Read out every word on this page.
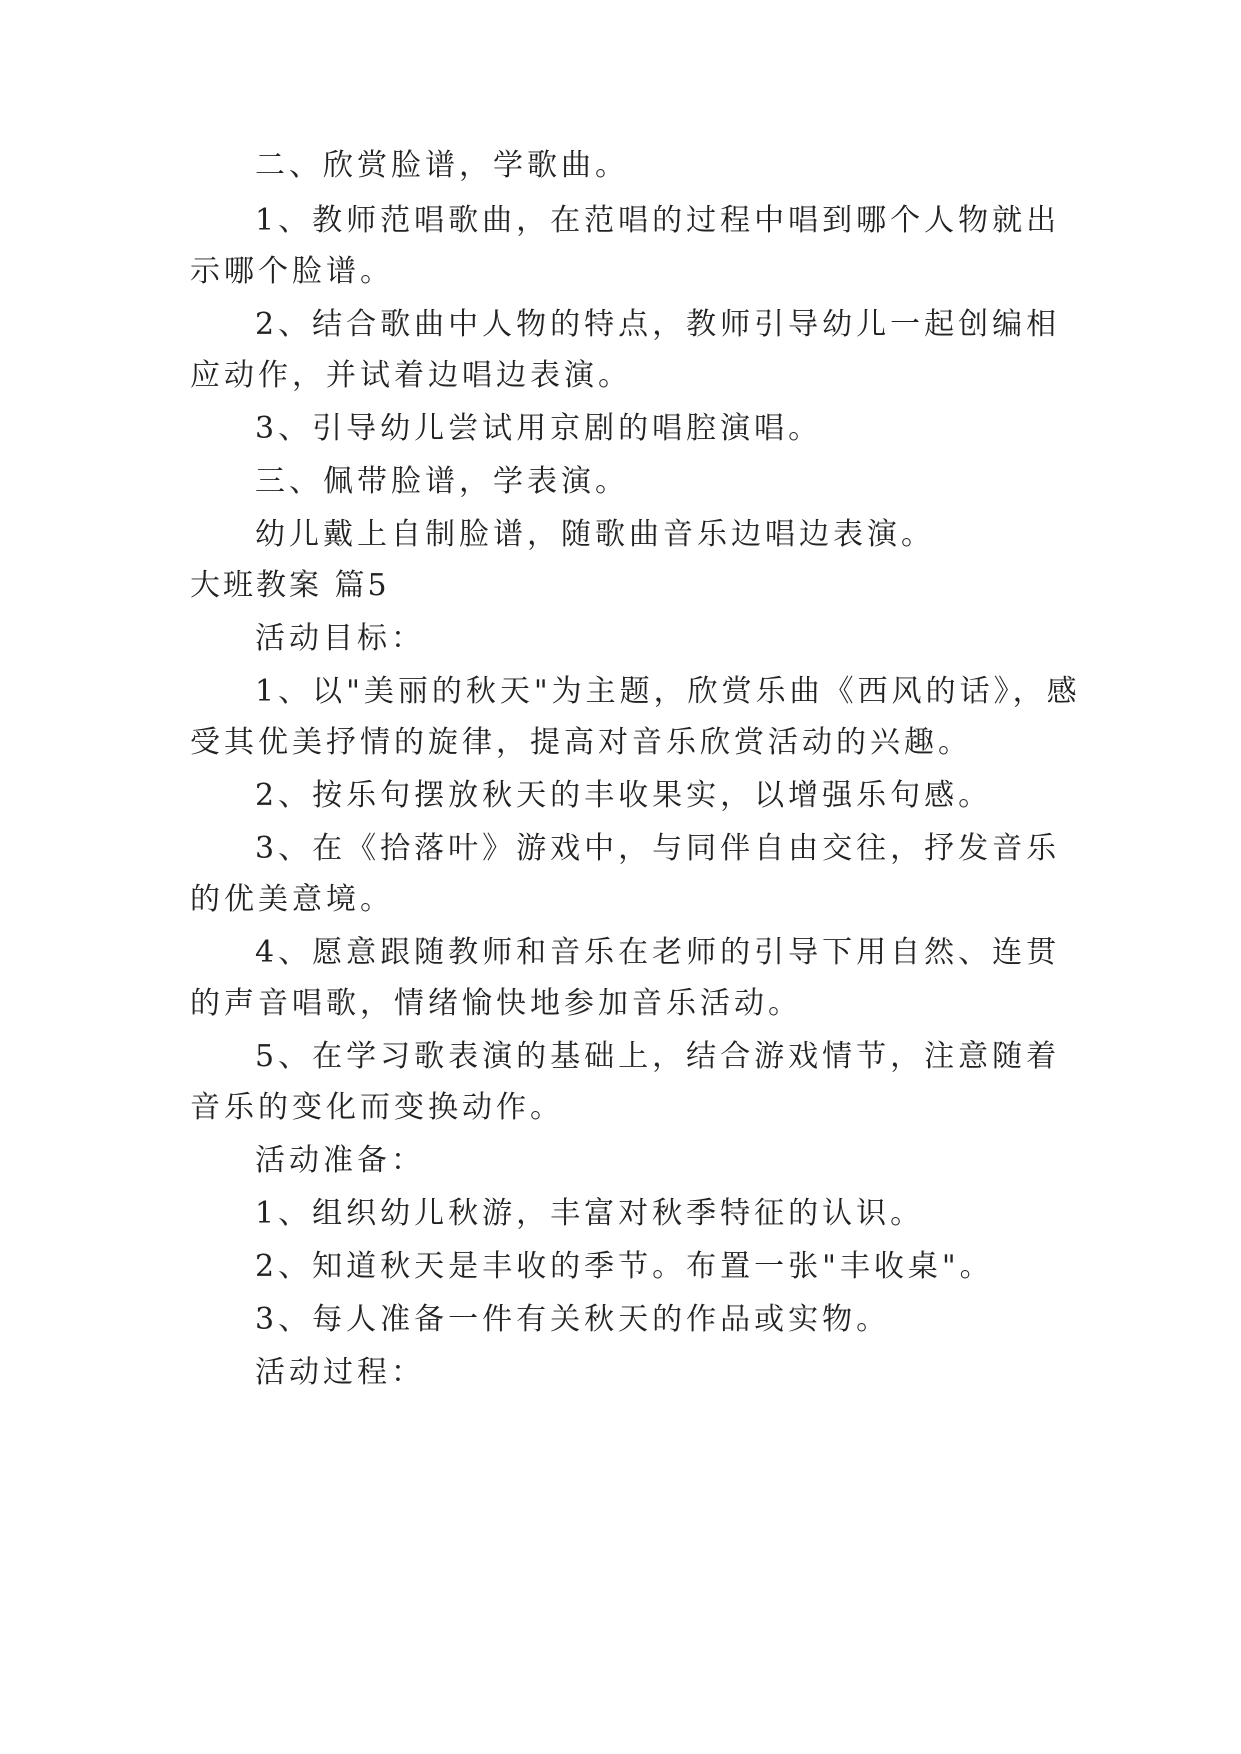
二、欣赏脸谱，学歌曲。
1、教师范唱歌曲，在范唱的过程中唱到哪个人物就出
示哪个脸谱。
2、结合歌曲中人物的特点，教师引导幼儿一起创编相
应动作，并试着边唱边表演。
3、引导幼儿尝试用京剧的唱腔演唱。
三、佩带脸谱，学表演。
幼儿戴上自制脸谱，随歌曲音乐边唱边表演。
大班教案 篇5
活动目标：
1、以"美丽的秋天"为主题，欣赏乐曲《西风的话》，感
受其优美抒情的旋律，提高对音乐欣赏活动的兴趣。
2、按乐句摆放秋天的丰收果实，以增强乐句感。
3、在《拾落叶》游戏中，与同伴自由交往，抒发音乐
的优美意境。
4、愿意跟随教师和音乐在老师的引导下用自然、连贯
的声音唱歌，情绪愉快地参加音乐活动。
5、在学习歌表演的基础上，结合游戏情节，注意随着
音乐的变化而变换动作。
活动准备：
1、组织幼儿秋游，丰富对秋季特征的认识。
2、知道秋天是丰收的季节。布置一张"丰收桌"。
3、每人准备一件有关秋天的作品或实物。
活动过程：
